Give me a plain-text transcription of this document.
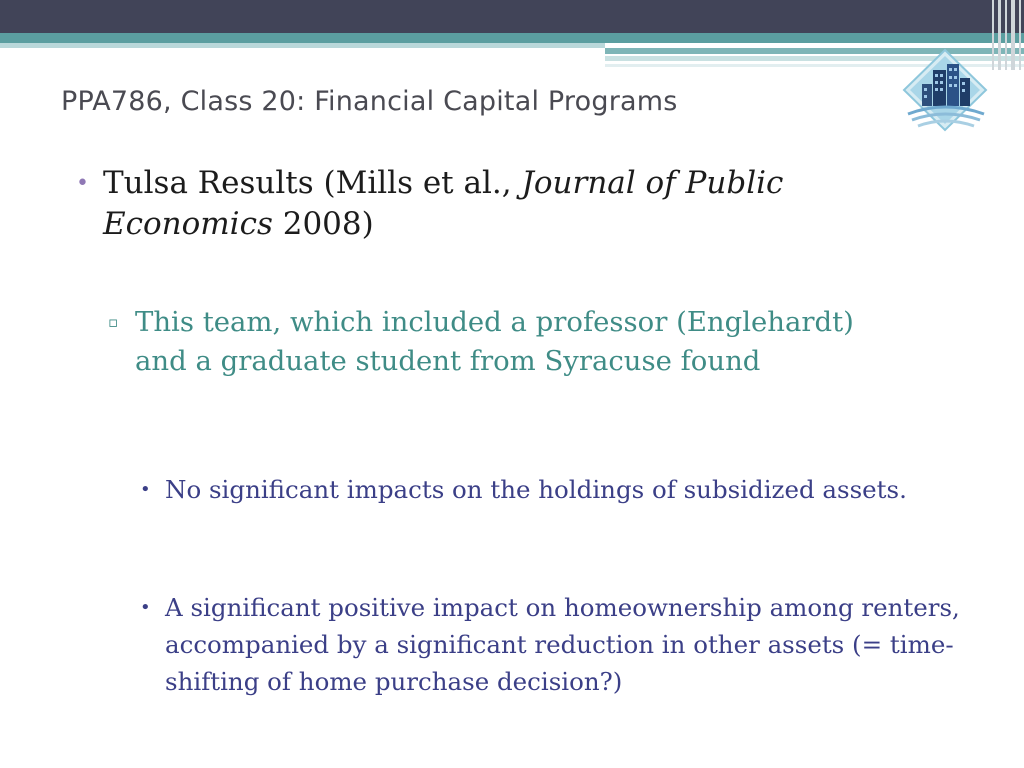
PPA786, Class 20: Financial Capital Programs
• Tulsa Results (Mills et al., Journal of Public Economics 2008)
▫ This team, which included a professor (Englehardt) and a graduate student from Syracuse found
• No significant impacts on the holdings of subsidized assets.
• A significant positive impact on homeownership among renters, accompanied by a significant reduction in other assets (= time-shifting of home purchase decision?)
